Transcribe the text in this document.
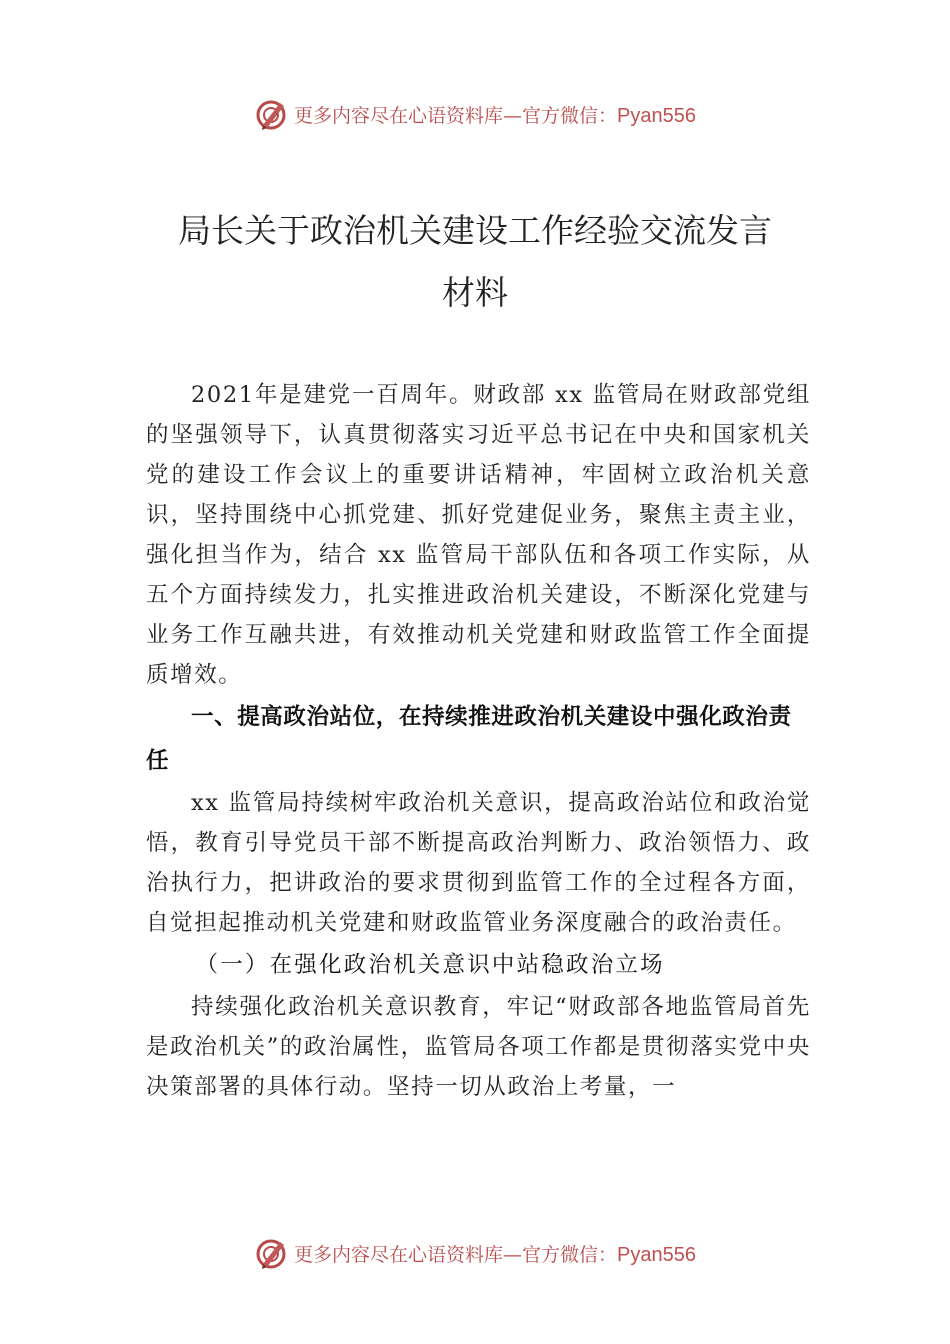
更多内容尽在心语资料库—官方微信：Pyan556
局长关于政治机关建设工作经验交流发言
材料

2021年是建党一百周年。财政部 xx 监管局在财政部党组的坚强领导下，认真贯彻落实习近平总书记在中央和国家机关党的建设工作会议上的重要讲话精神，牢固树立政治机关意识，坚持围绕中心抓党建、抓好党建促业务，聚焦主责主业，强化担当作为，结合 xx 监管局干部队伍和各项工作实际，从五个方面持续发力，扎实推进政治机关建设，不断深化党建与业务工作互融共进，有效推动机关党建和财政监管工作全面提质增效。

一、提高政治站位，在持续推进政治机关建设中强化政治责任

xx 监管局持续树牢政治机关意识，提高政治站位和政治觉悟，教育引导党员干部不断提高政治判断力、政治领悟力、政治执行力，把讲政治的要求贯彻到监管工作的全过程各方面，自觉担起推动机关党建和财政监管业务深度融合的政治责任。

（一）在强化政治机关意识中站稳政治立场

持续强化政治机关意识教育，牢记“财政部各地监管局首先是政治机关”的政治属性，监管局各项工作都是贯彻落实党中央决策部署的具体行动。坚持一切从政治上考量，一

更多内容尽在心语资料库—官方微信：Pyan556
